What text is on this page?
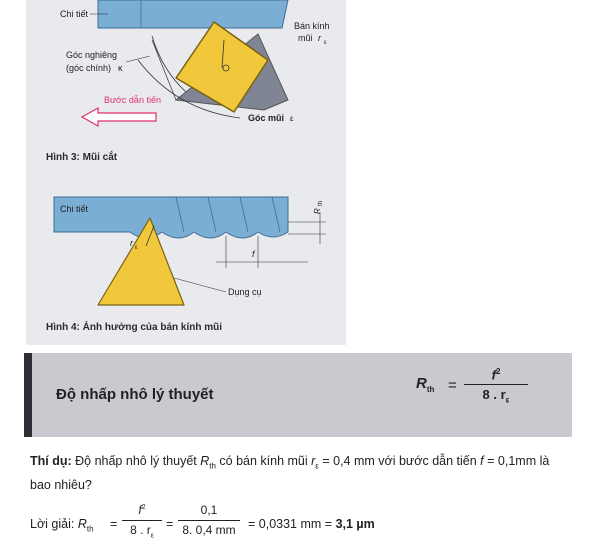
Chi tiết
Bán kính
mũi r ε
Góc nghiêng
(góc chính) κ
Bước dẫn tiến
Góc mũi ε
Chi tiết
r ε
R
th
f
Dụng cụ
Hình 3: Mũi cắt
Hình 4: Ảnh hưởng của bán kính mũi
Độ nhấp nhô lý thuyết
$R_{th}$ =
$f^2$
8 . $r_\varepsilon$
Thí dụ: Độ nhấp nhô lý thuyết $R_{th}$ có bán kính mũi $r_\varepsilon = 0,4$ mm với bước dẫn tiến f = 0,1mm là bao nhiêu?
Lời giải: $R_{th}$ =
$f^2$
8 . $r_\varepsilon$
=
0,1
8. 0,4 mm = 0,0331 mm = 3,1 µm
